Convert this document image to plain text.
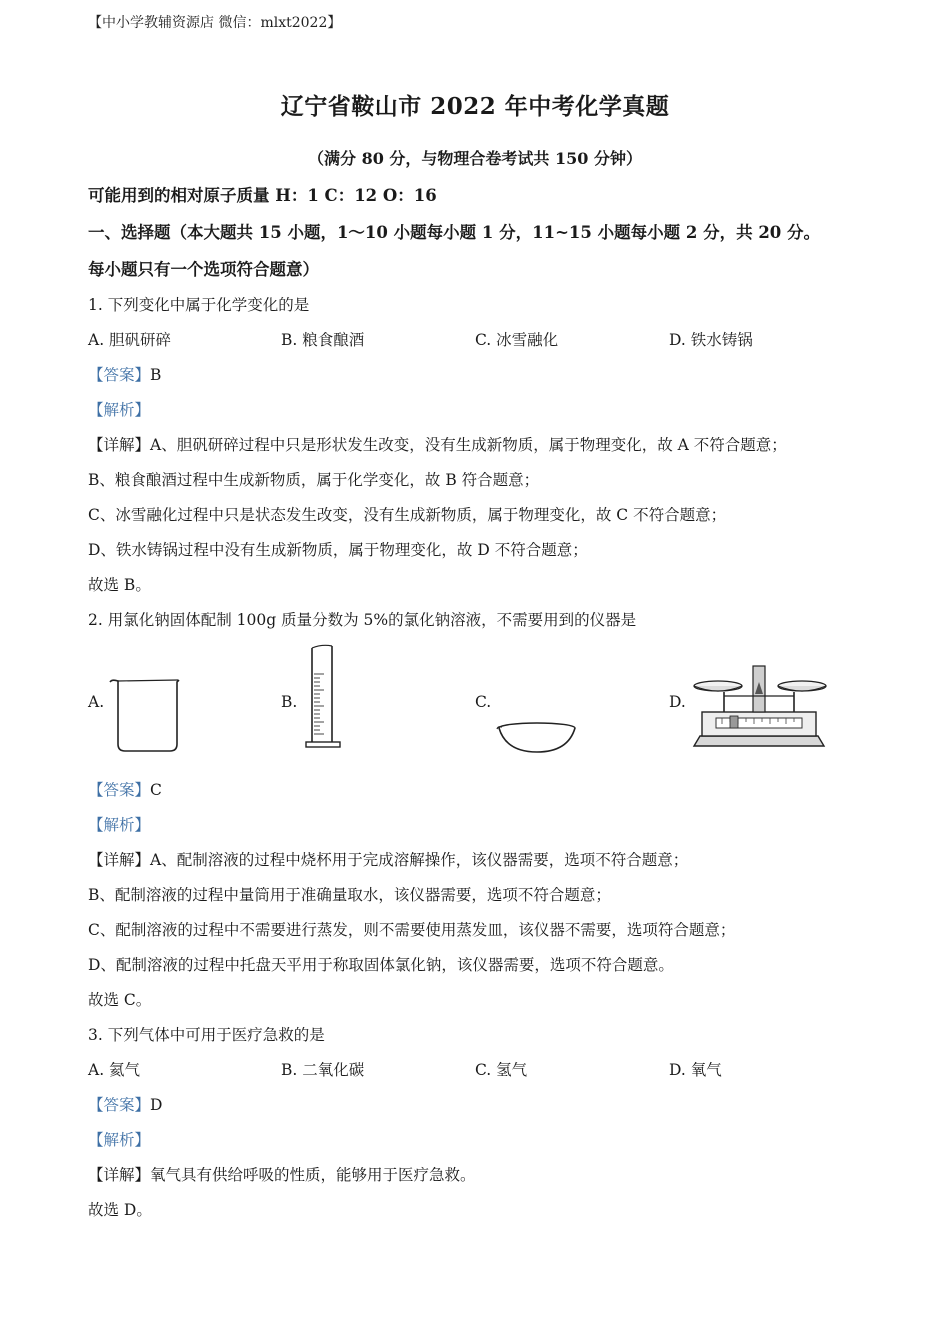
【中小学教辅资源店 微信：mlxt2022】
辽宁省鞍山市 2022 年中考化学真题
（满分 80 分，与物理合卷考试共 150 分钟）
可能用到的相对原子质量 H：1 C：12 O：16
一、选择题（本大题共 15 小题，1～10 小题每小题 1 分，11~15 小题每小题 2 分，共 20 分。
每小题只有一个选项符合题意）
1. 下列变化中属于化学变化的是
A. 胆矾研碎	B. 粮食酿酒	C. 冰雪融化	D. 铁水铸锅
【答案】B
【解析】
【详解】A、胆矾研碎过程中只是形状发生改变，没有生成新物质，属于物理变化，故 A 不符合题意；
B、粮食酿酒过程中生成新物质，属于化学变化，故 B 符合题意；
C、冰雪融化过程中只是状态发生改变，没有生成新物质，属于物理变化，故 C 不符合题意；
D、铁水铸锅过程中没有生成新物质，属于物理变化，故 D 不符合题意；
故选 B。
2. 用氯化钠固体配制 100g 质量分数为 5%的氯化钠溶液，不需要用到的仪器是
A.	B.	C.	D.
【答案】C
【解析】
【详解】A、配制溶液的过程中烧杯用于完成溶解操作，该仪器需要，选项不符合题意；
B、配制溶液的过程中量筒用于准确量取水，该仪器需要，选项不符合题意；
C、配制溶液的过程中不需要进行蒸发，则不需要使用蒸发皿，该仪器不需要，选项符合题意；
D、配制溶液的过程中托盘天平用于称取固体氯化钠，该仪器需要，选项不符合题意。
故选 C。
3. 下列气体中可用于医疗急救的是
A. 氦气	B. 二氧化碳	C. 氢气	D. 氧气
【答案】D
【解析】
【详解】氧气具有供给呼吸的性质，能够用于医疗急救。
故选 D。
